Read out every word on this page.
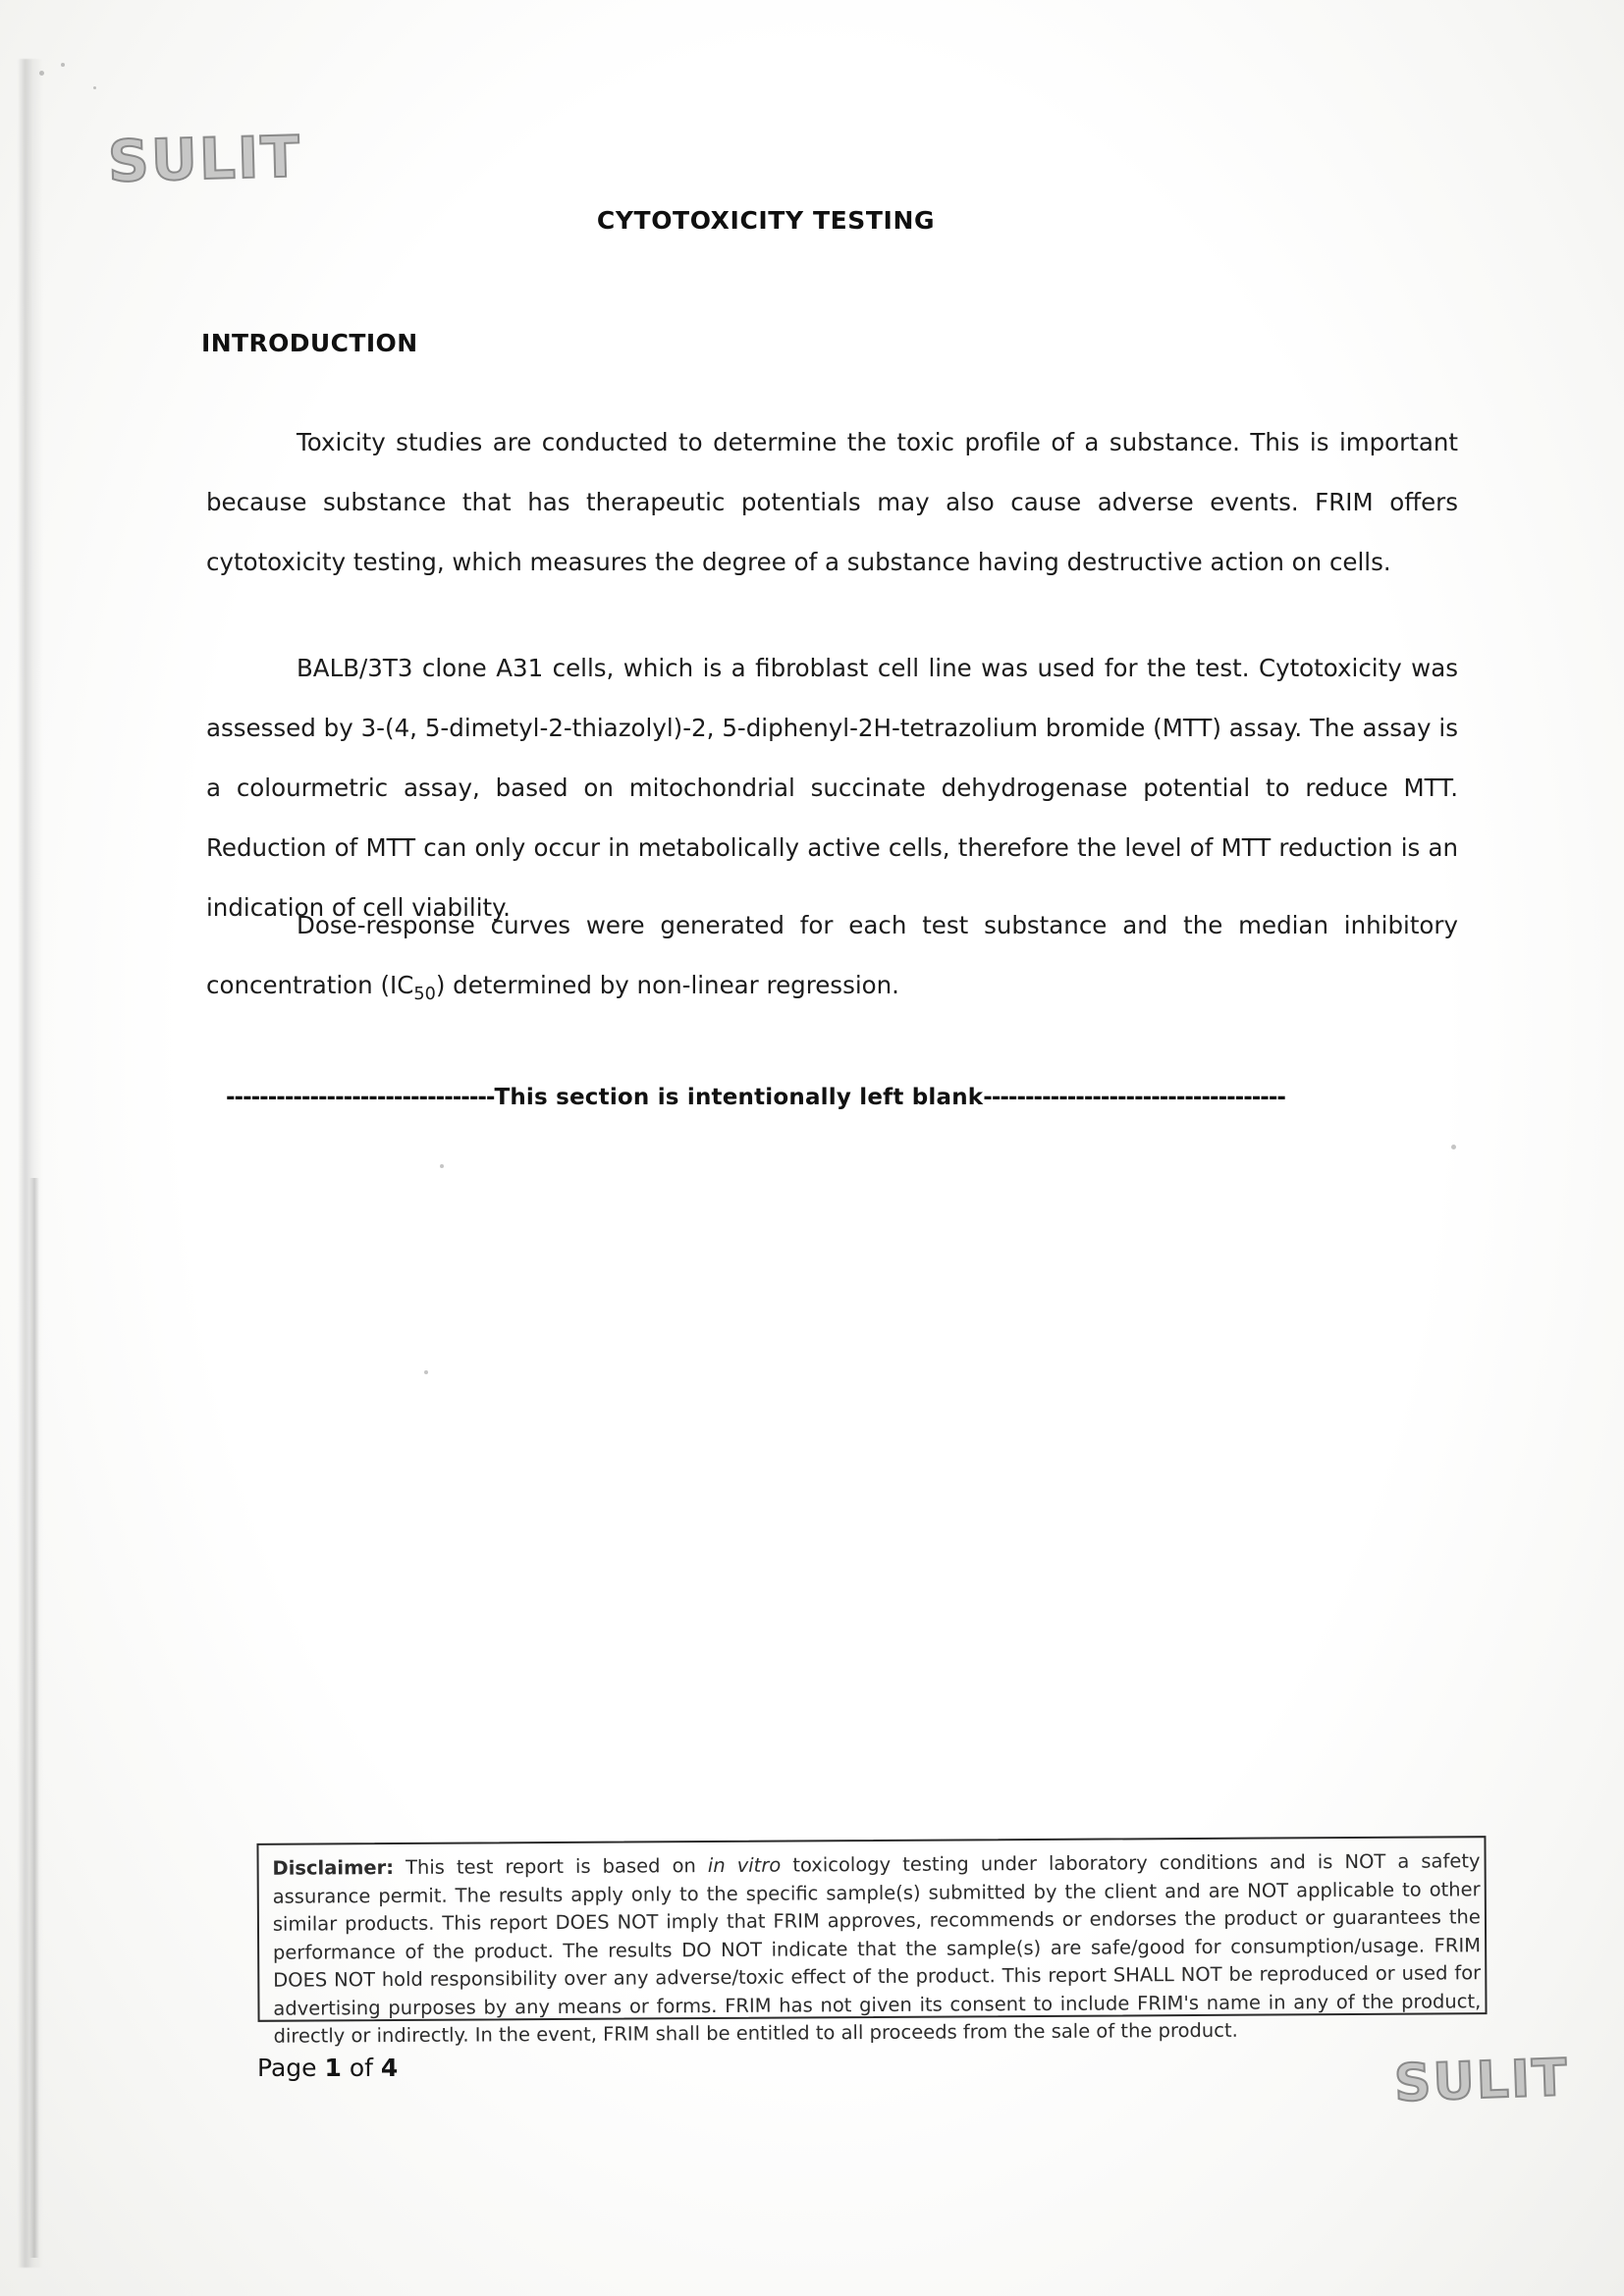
SULIT
CYTOTOXICITY TESTING
INTRODUCTION

Toxicity studies are conducted to determine the toxic profile of a substance. This is important because substance that has therapeutic potentials may also cause adverse events. FRIM offers cytotoxicity testing, which measures the degree of a substance having destructive action on cells.

BALB/3T3 clone A31 cells, which is a fibroblast cell line was used for the test. Cytotoxicity was assessed by 3-(4, 5-dimetyl-2-thiazolyl)-2, 5-diphenyl-2H-tetrazolium bromide (MTT) assay. The assay is a colourmetric assay, based on mitochondrial succinate dehydrogenase potential to reduce MTT. Reduction of MTT can only occur in metabolically active cells, therefore the level of MTT reduction is an indication of cell viability.

Dose-response curves were generated for each test substance and the median inhibitory concentration $(IC_{50})$ determined by non-linear regression.

--------------------------------This section is intentionally left blank------------------------------------
Disclaimer: This test report is based on in vitro toxicology testing under laboratory conditions and is NOT a safety assurance permit. The results apply only to the specific sample(s) submitted by the client and are NOT applicable to other similar products. This report DOES NOT imply that FRIM approves, recommends or endorses the product or guarantees the performance of the product. The results DO NOT indicate that the sample(s) are safe/good for consumption/usage. FRIM DOES NOT hold responsibility over any adverse/toxic effect of the product. This report SHALL NOT be reproduced or used for advertising purposes by any means or forms. FRIM has not given its consent to include FRIM's name in any of the product, directly or indirectly. In the event, FRIM shall be entitled to all proceeds from the sale of the product.
Page 1 of 4	SULIT
